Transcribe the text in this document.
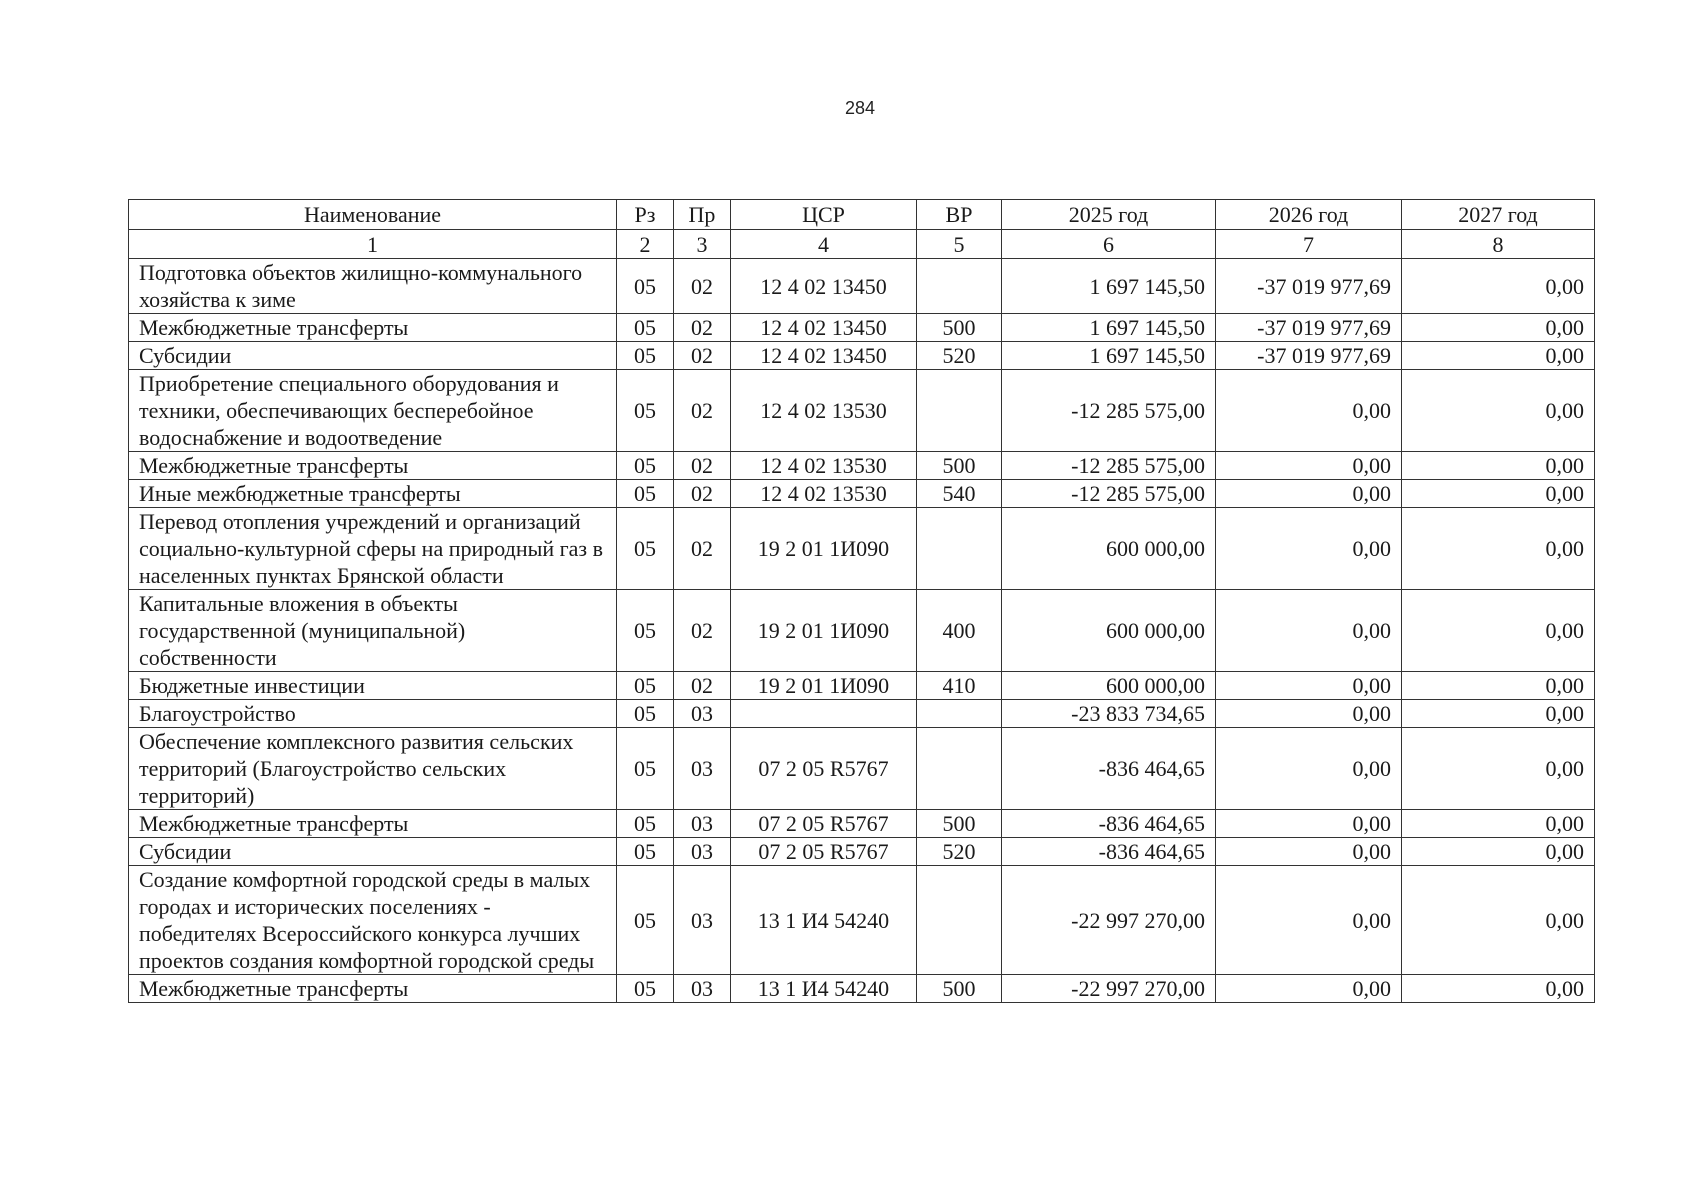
284
Наименование	Рз	Пр	ЦСР	ВР	2025 год	2026 год	2027 год
1	2	3	4	5	6	7	8
Подготовка объектов жилищно-коммунального хозяйства к зиме	05	02	12 4 02 13450		1 697 145,50	-37 019 977,69	0,00
Межбюджетные трансферты	05	02	12 4 02 13450	500	1 697 145,50	-37 019 977,69	0,00
Субсидии	05	02	12 4 02 13450	520	1 697 145,50	-37 019 977,69	0,00
Приобретение специального оборудования и техники, обеспечивающих бесперебойное водоснабжение и водоотведение	05	02	12 4 02 13530		-12 285 575,00	0,00	0,00
Межбюджетные трансферты	05	02	12 4 02 13530	500	-12 285 575,00	0,00	0,00
Иные межбюджетные трансферты	05	02	12 4 02 13530	540	-12 285 575,00	0,00	0,00
Перевод отопления учреждений и организаций социально-культурной сферы на природный газ в населенных пунктах Брянской области	05	02	19 2 01 1И090		600 000,00	0,00	0,00
Капитальные вложения в объекты государственной (муниципальной) собственности	05	02	19 2 01 1И090	400	600 000,00	0,00	0,00
Бюджетные инвестиции	05	02	19 2 01 1И090	410	600 000,00	0,00	0,00
Благоустройство	05	03			-23 833 734,65	0,00	0,00
Обеспечение комплексного развития сельских территорий (Благоустройство сельских территорий)	05	03	07 2 05 R5767		-836 464,65	0,00	0,00
Межбюджетные трансферты	05	03	07 2 05 R5767	500	-836 464,65	0,00	0,00
Субсидии	05	03	07 2 05 R5767	520	-836 464,65	0,00	0,00
Создание комфортной городской среды в малых городах и исторических поселениях - победителях Всероссийского конкурса лучших проектов создания комфортной городской среды	05	03	13 1 И4 54240		-22 997 270,00	0,00	0,00
Межбюджетные трансферты	05	03	13 1 И4 54240	500	-22 997 270,00	0,00	0,00
